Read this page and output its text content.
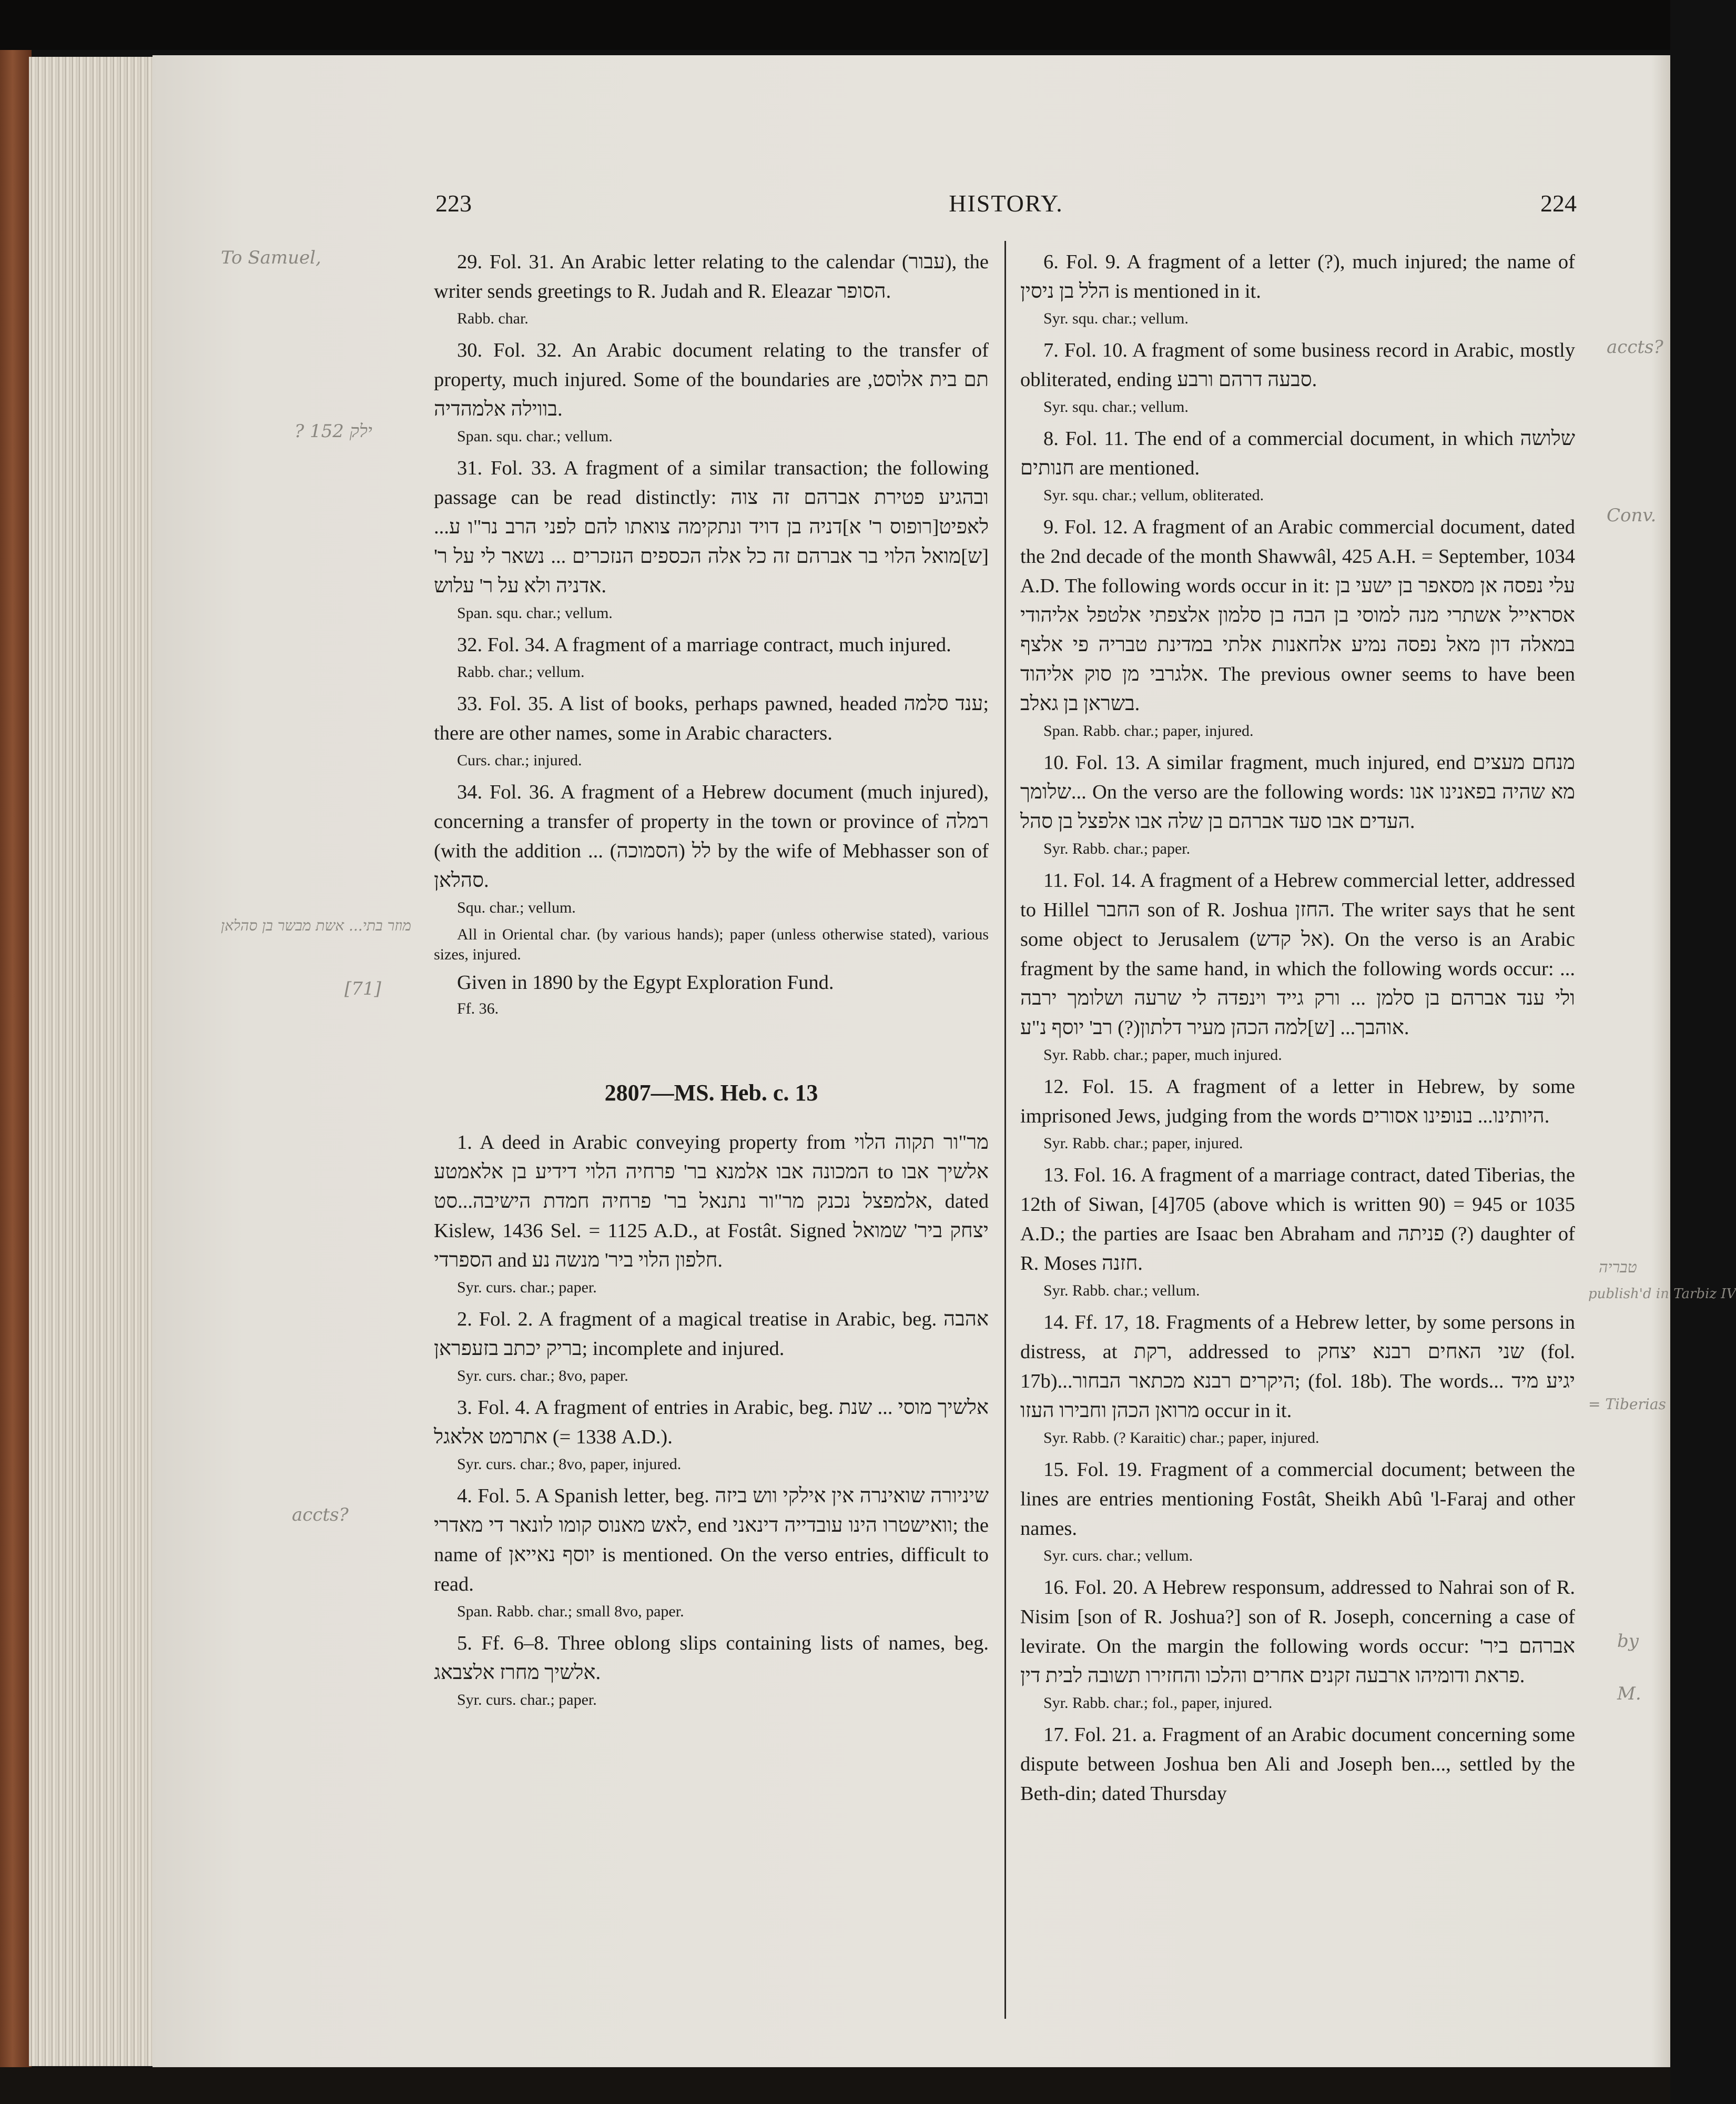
223	HISTORY.	224

29. Fol. 31. An Arabic letter relating to the calendar (עבור), the writer sends greetings to R. Judah and R. Eleazar הסופר.

Rabb. char.

30. Fol. 32. An Arabic document relating to the transfer of property, much injured. Some of the boundaries are תם בית אלוסט, בווילה אלמהדיה.

Span. squ. char.; vellum.

31. Fol. 33. A fragment of a similar transaction; the following passage can be read distinctly: ובהגיע פטירת אברהם זה צוה לאפיט[רופוס ר' א]דניה בן דויד ונתקימה צואתו להם לפני הרב נר"ו ע... [ש]מואל הלוי בר אברהם זה כל אלה הכספים הנזכרים ... נשאר לי על ר' אדניה ולא על ר' עלוש.

Span. squ. char.; vellum.

32. Fol. 34. A fragment of a marriage contract, much injured.

Rabb. char.; vellum.

33. Fol. 35. A list of books, perhaps pawned, headed ענד סלמה; there are other names, some in Arabic characters.

Curs. char.; injured.

34. Fol. 36. A fragment of a Hebrew document (much injured), concerning a transfer of property in the town or province of רמלה (with the addition ... לל (הסמוכה) by the wife of Mebhasser son of סהלאן.

Squ. char.; vellum.

All in Oriental char. (by various hands); paper (unless otherwise stated), various sizes, injured.

Given in 1890 by the Egypt Exploration Fund.

Ff. 36.

2807—MS. Heb. c. 13

1. A deed in Arabic conveying property from מר"ור תקוה הלוי המכונה אבו אלמנא בר' פרחיה הלוי דידיע בן אלאמטע to אלשיך אבו אלמפצל נכנק מר"ור נתנאל בר' פרחיה חמדת הישיבה...סט, dated Kislew, 1436 Sel. = 1125 A.D., at Fostât. Signed יצחק ביר' שמואל הספרדי and חלפון הלוי ביר' מנשה נע.

Syr. curs. char.; paper.

2. Fol. 2. A fragment of a magical treatise in Arabic, beg. אהבה בריק יכתב בזעפראן; incomplete and injured.

Syr. curs. char.; 8vo, paper.

3. Fol. 4. A fragment of entries in Arabic, beg. אלשיך מוסי ... שנת אתרמט אלאגל (= 1338 A.D.).

Syr. curs. char.; 8vo, paper, injured.

4. Fol. 5. A Spanish letter, beg. שיניורה שואינרה אין אילקי ווש ביזה לאש מאנוס קומו לונאר די מאדרי, end וואישטרו הינו עובדייה דינאני; the name of יוסף נאייאן is mentioned. On the verso entries, difficult to read.

Span. Rabb. char.; small 8vo, paper.

5. Ff. 6–8. Three oblong slips containing lists of names, beg. אלשיך מחרז אלצבאג.

Syr. curs. char.; paper.

6. Fol. 9. A fragment of a letter (?), much injured; the name of הלל בן ניסין is mentioned in it.

Syr. squ. char.; vellum.

7. Fol. 10. A fragment of some business record in Arabic, mostly obliterated, ending סבעה דרהם ורבע.

Syr. squ. char.; vellum.

8. Fol. 11. The end of a commercial document, in which שלושה חנותים are mentioned.

Syr. squ. char.; vellum, obliterated.

9. Fol. 12. A fragment of an Arabic commercial document, dated the 2nd decade of the month Shawwâl, 425 A.H. = September, 1034 A.D. The following words occur in it: עלי נפסה אן מסאפר בן ישעי בן אסראייל אשתרי מנה למוסי בן הבה בן סלמון אלצפתי אלטפל אליהודי במאלה דון מאל נפסה נמיע אלחאנות אלתי במדינת טבריה פי אלצף אלגרבי מן סוק אליהוד. The previous owner seems to have been בשראן בן גאלב.

Span. Rabb. char.; paper, injured.

10. Fol. 13. A similar fragment, much injured, end מנחם מעצים שלומך... On the verso are the following words: מא שהיה בפאנינו אנו העדים אבו סעד אברהם בן שלה אבו אלפצל בן סהל.

Syr. Rabb. char.; paper.

11. Fol. 14. A fragment of a Hebrew commercial letter, addressed to Hillel החבר son of R. Joshua החזן. The writer says that he sent some object to Jerusalem (אל קדש). On the verso is an Arabic fragment by the same hand, in which the following words occur: ... ולי ענד אברהם בן סלמן ... ורק גייד וינפדה לי שרעה ושלומך ירבה אוהבך... [ש]למה הכהן מעיר דלתון(?) רב' יוסף נ"ע.

Syr. Rabb. char.; paper, much injured.

12. Fol. 15. A fragment of a letter in Hebrew, by some imprisoned Jews, judging from the words היותינו... בנופינו אסורים.

Syr. Rabb. char.; paper, injured.

13. Fol. 16. A fragment of a marriage contract, dated Tiberias, the 12th of Siwan, [4]705 (above which is written 90) = 945 or 1035 A.D.; the parties are Isaac ben Abraham and פניתה (?) daughter of R. Moses חזנה.

Syr. Rabb. char.; vellum.

14. Ff. 17, 18. Fragments of a Hebrew letter, by some persons in distress, at רקת, addressed to שני האחים רבנא יצחק (fol. 17b)...היקרים רבנא מכתאר הבחור; (fol. 18b). The words... יגיע מיד מרואן הכהן וחבירו העזו occur in it.

Syr. Rabb. (? Karaitic) char.; paper, injured.

15. Fol. 19. Fragment of a commercial document; between the lines are entries mentioning Fostât, Sheikh Abû 'l-Faraj and other names.

Syr. curs. char.; vellum.

16. Fol. 20. A Hebrew responsum, addressed to Nahrai son of R. Nisim [son of R. Joshua?] son of R. Joseph, concerning a case of levirate. On the margin the following words occur: אברהם ביר' פראת ודומיהו ארבעה זקנים אחרים והלכו והחזירו תשובה לבית דין.

Syr. Rabb. char.; fol., paper, injured.

17. Fol. 21. a. Fragment of an Arabic document concerning some dispute between Joshua ben Ali and Joseph ben..., settled by the Beth-din; dated Thursday

To Samuel,
? ילק 152
מוזר בתי... אשת מבשר בן סהלאן
[71]
accts?
accts?
Conv.
טבריה
publish'd in Tarbiz IV
= Tiberias
by
M.
